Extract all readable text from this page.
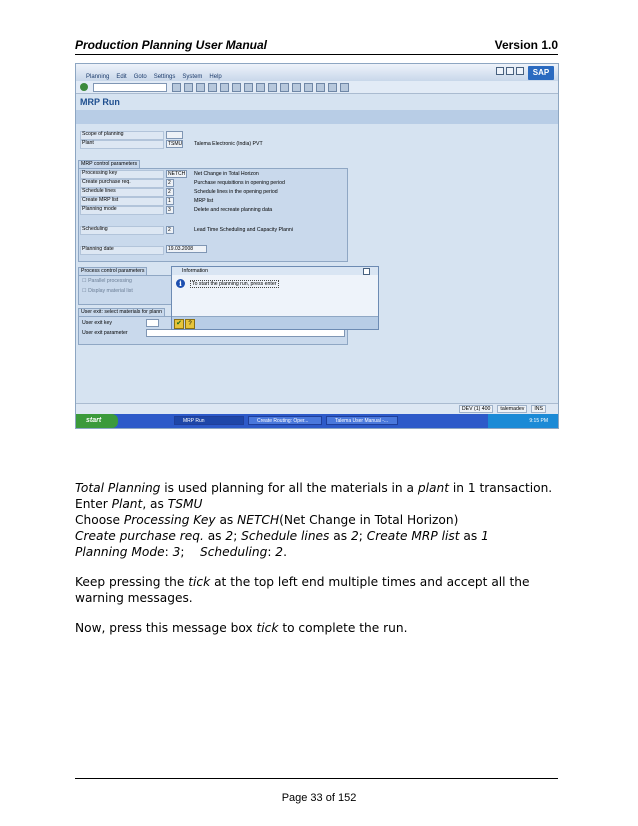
Production Planning User Manual	Version 1.0
Planning Edit Goto Settings System Help	SAP
MRP Run
Scope of planning
Plant	TSMU Talema Electronic (India) PVT
MRP control parameters
Processing key	NETCH	Net Change in Total Horizon
Create purchase req.	2	Purchase requisitions in opening period
Schedule lines	2	Schedule lines in the opening period
Create MRP list	1	MRP list
Planning mode	3	Delete and recreate planning data
Scheduling	2	Lead Time Scheduling and Capacity Planni
Planning date	19.03.2008
Process control parameters
☐ Parallel processing
☐ Display material list
User exit: select materials for plann
User exit key
User exit parameter
Information
i	To start the planning run, press enter
✔	?
DEV (1) 400	talemadev	INS
start	MRP Run	Create Routing: Oper...	Talema User Manual -...	9:15 PM

Total Planning is used planning for all the materials in a plant in 1 transaction.

Enter Plant, as TSMU

Choose Processing Key as NETCH(Net Change in Total Horizon)

Create purchase req. as 2; Schedule lines as 2; Create MRP list as 1

Planning Mode: 3;    Scheduling: 2.

Keep pressing the tick at the top left end multiple times and accept all the warning messages.

Now, press this message box tick to complete the run.

Page 33 of 152
